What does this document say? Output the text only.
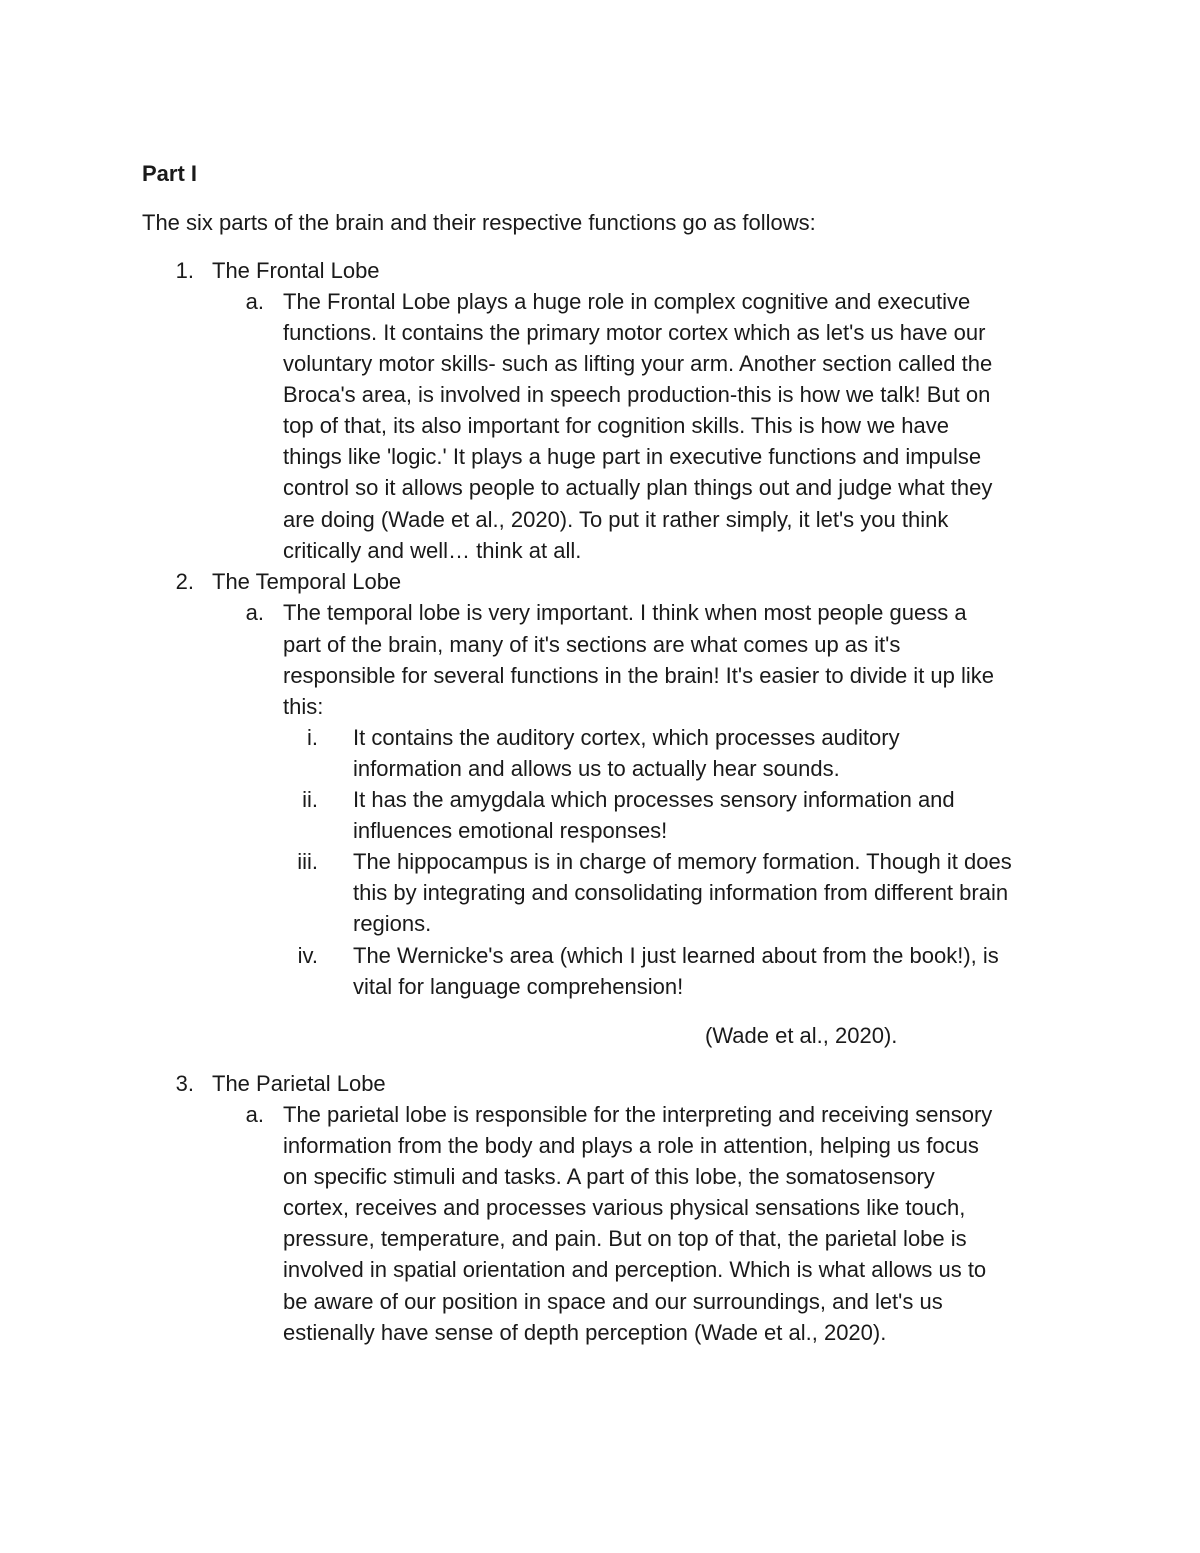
Part I

The six parts of the brain and their respective functions go as follows:

1. The Frontal Lobe

a. The Frontal Lobe plays a huge role in complex cognitive and executive

functions. It contains the primary motor cortex which as let's us have our

voluntary motor skills- such as lifting your arm. Another section called the

Broca's area, is involved in speech production-this is how we talk! But on

top of that, its also important for cognition skills. This is how we have

things like 'logic.' It plays a huge part in executive functions and impulse

control so it allows people to actually plan things out and judge what they

are doing (Wade et al., 2020). To put it rather simply, it let's you think

critically and well… think at all.

2. The Temporal Lobe

a. The temporal lobe is very important. I think when most people guess a

part of the brain, many of it's sections are what comes up as it's

responsible for several functions in the brain! It's easier to divide it up like

this:

i. It contains the auditory cortex, which processes auditory

information and allows us to actually hear sounds.

ii. It has the amygdala which processes sensory information and

influences emotional responses!

iii. The hippocampus is in charge of memory formation. Though it does

this by integrating and consolidating information from different brain

regions.

iv. The Wernicke's area (which I just learned about from the book!), is

vital for language comprehension!

(Wade et al., 2020).

3. The Parietal Lobe

a. The parietal lobe is responsible for the interpreting and receiving sensory

information from the body and plays a role in attention, helping us focus

on specific stimuli and tasks. A part of this lobe, the somatosensory

cortex, receives and processes various physical sensations like touch,

pressure, temperature, and pain. But on top of that, the parietal lobe is

involved in spatial orientation and perception. Which is what allows us to

be aware of our position in space and our surroundings, and let's us

estienally have sense of depth perception (Wade et al., 2020).
